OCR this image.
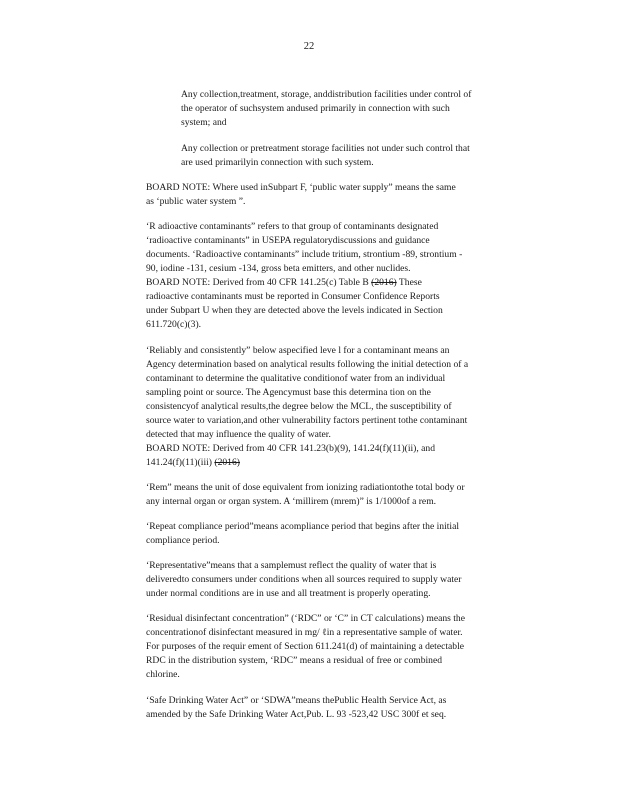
22

Any collection,treatment, storage, anddistribution facilities under control of
the operator of suchsystem andused primarily in connection with such
system; and

Any collection or pretreatment storage facilities not under such control that
are used primarilyin connection with such system.

BOARD NOTE: Where used inSubpart F, ‘public water supply” means the same
as ‘public water system ”.

‘R adioactive contaminants” refers to that group of contaminants designated
‘radioactive contaminants” in USEPA regulatorydiscussions and guidance
documents. ‘Radioactive contaminants” include tritium, strontium -89, strontium -
90, iodine -131, cesium -134, gross beta emitters, and other nuclides.
BOARD NOTE: Derived from 40 CFR 141.25(c) Table B (2016) These
radioactive contaminants must be reported in Consumer Confidence Reports
under Subpart U when they are detected above the levels indicated in Section
611.720(c)(3).

‘Reliably and consistently” below aspecified leve l for a contaminant means an
Agency determination based on analytical results following the initial detection of a
contaminant to determine the qualitative conditionof water from an individual
sampling point or source. The Agencymust base this determina tion on the
consistencyof analytical results,the degree below the MCL, the susceptibility of
source water to variation,and other vulnerability factors pertinent tothe contaminant
detected that may influence the quality of water.
BOARD NOTE: Derived from 40 CFR 141.23(b)(9), 141.24(f)(11)(ii), and
141.24(f)(11)(iii) (2016)

‘Rem” means the unit of dose equivalent from ionizing radiationtothe total body or
any internal organ or organ system. A ‘millirem (mrem)” is 1/1000of a rem.

‘Repeat compliance period”means acompliance period that begins after the initial
compliance period.

‘Representative”means that a samplemust reflect the quality of water that is
deliveredto consumers under conditions when all sources required to supply water
under normal conditions are in use and all treatment is properly operating.

‘Residual disinfectant concentration” (‘RDC” or ‘C” in CT calculations) means the
concentrationof disinfectant measured in mg/ ℓin a representative sample of water.
For purposes of the requir ement of Section 611.241(d) of maintaining a detectable
RDC in the distribution system, ‘RDC” means a residual of free or combined
chlorine.

‘Safe Drinking Water Act” or ‘SDWA”means thePublic Health Service Act, as
amended by the Safe Drinking Water Act,Pub. L. 93 -523,42 USC 300f et seq.
